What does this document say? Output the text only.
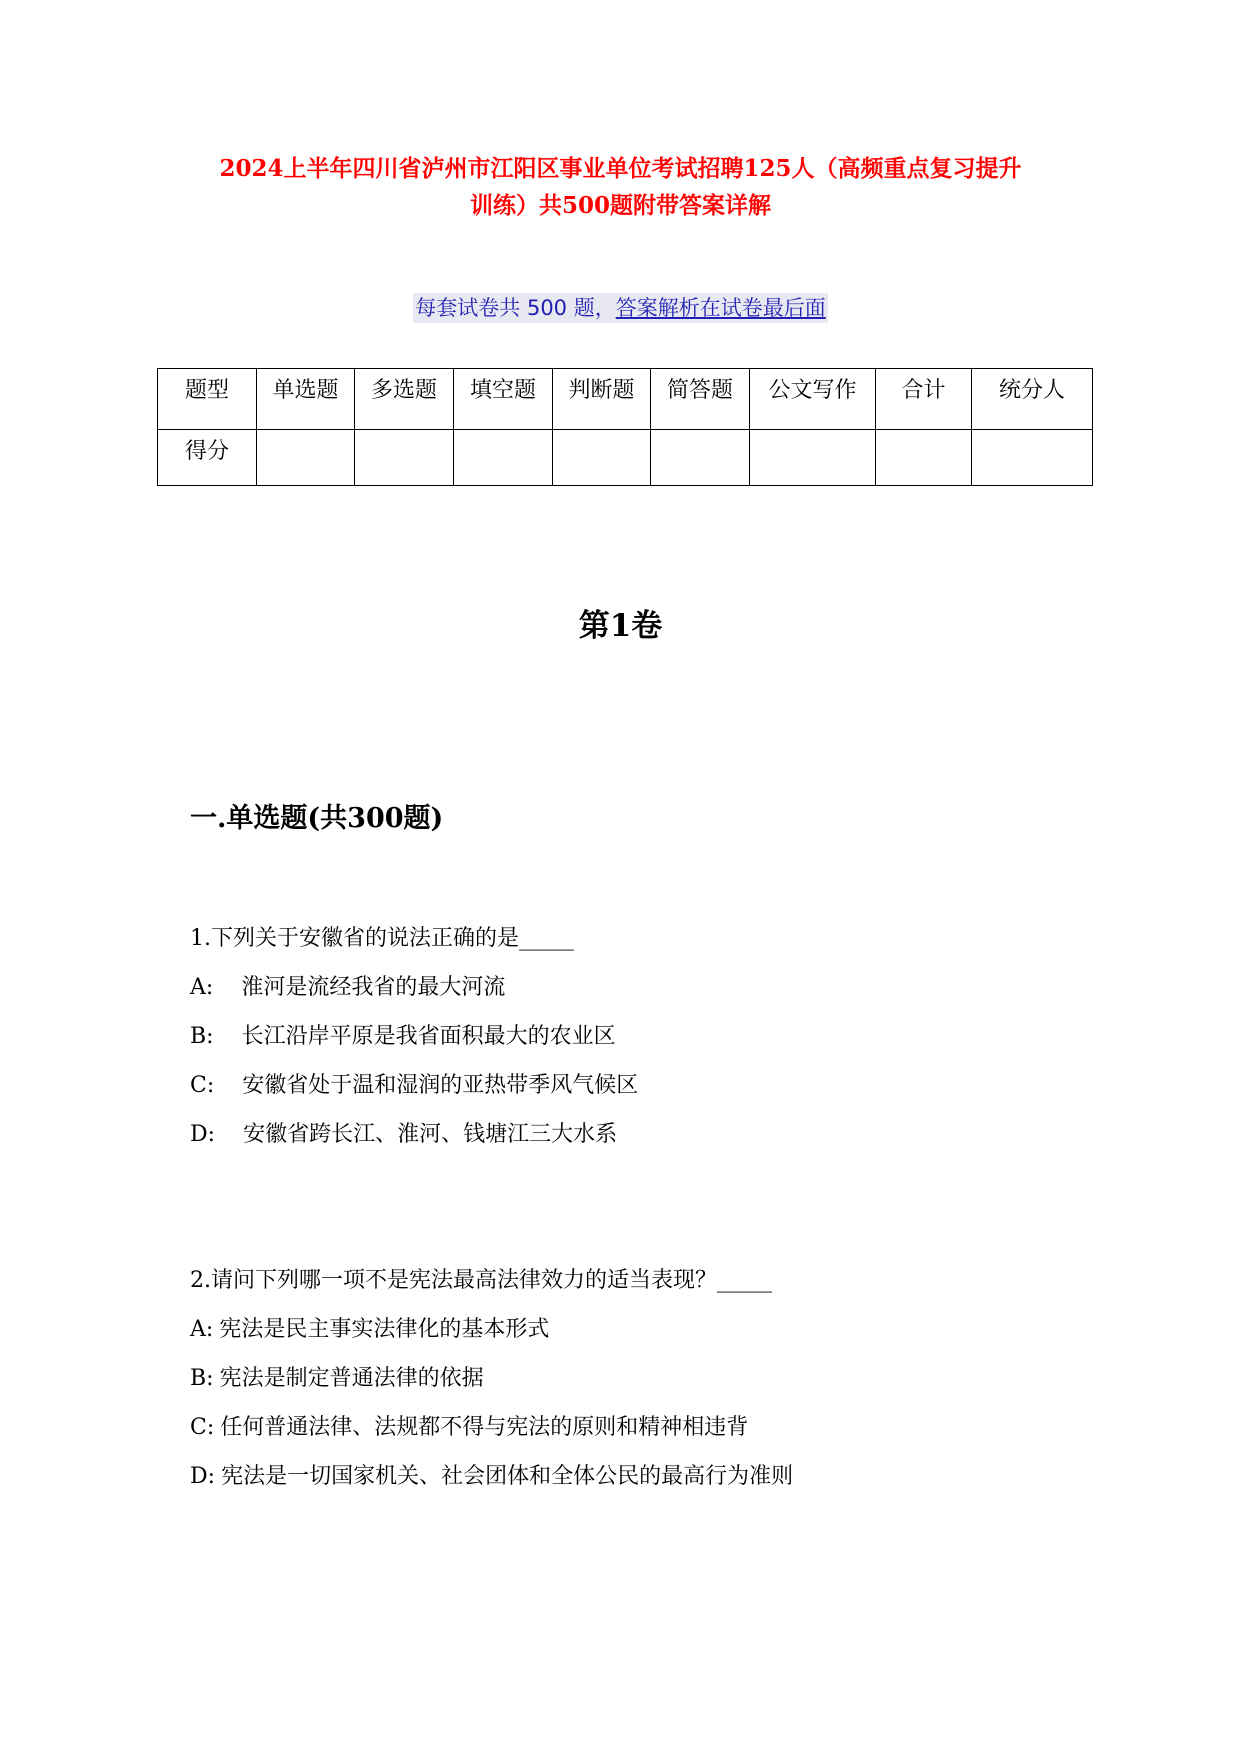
2024上半年四川省泸州市江阳区事业单位考试招聘125人（高频重点复习提升
训练）共500题附带答案详解
每套试卷共 500 题，答案解析在试卷最后面
题型	单选题	多选题	填空题	判断题	简答题	公文写作	合计	统分人
得分								
第1卷
一.单选题(共300题)
1.下列关于安徽省的说法正确的是_____
A: 淮河是流经我省的最大河流
B: 长江沿岸平原是我省面积最大的农业区
C: 安徽省处于温和湿润的亚热带季风气候区
D: 安徽省跨长江、淮河、钱塘江三大水系
2.请问下列哪一项不是宪法最高法律效力的适当表现？_____
A: 宪法是民主事实法律化的基本形式
B: 宪法是制定普通法律的依据
C: 任何普通法律、法规都不得与宪法的原则和精神相违背
D: 宪法是一切国家机关、社会团体和全体公民的最高行为准则
